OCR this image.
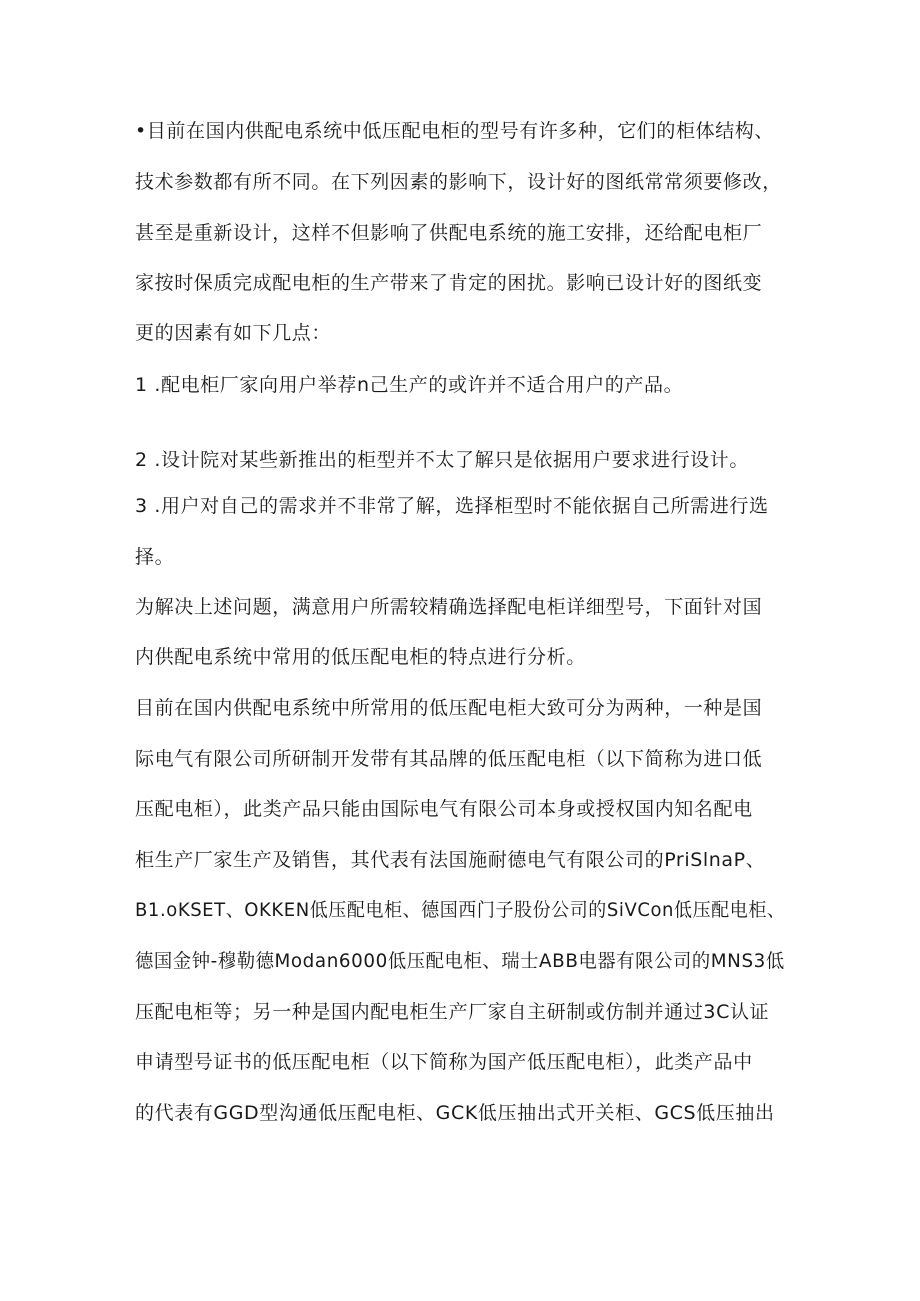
•目前在国内供配电系统中低压配电柜的型号有许多种，它们的柜体结构、
技术参数都有所不同。在下列因素的影响下，设计好的图纸常常须要修改，
甚至是重新设计，这样不但影响了供配电系统的施工安排，还给配电柜厂
家按时保质完成配电柜的生产带来了肯定的困扰。影响已设计好的图纸变
更的因素有如下几点：
1 .配电柜厂家向用户举荐n己生产的或许并不适合用户的产品。
2 .设计院对某些新推出的柜型并不太了解只是依据用户要求进行设计。
3 .用户对自己的需求并不非常了解，选择柜型时不能依据自己所需进行选
择。
为解决上述问题，满意用户所需较精确选择配电柜详细型号，下面针对国
内供配电系统中常用的低压配电柜的特点进行分析。
目前在国内供配电系统中所常用的低压配电柜大致可分为两种，一种是国
际电气有限公司所研制开发带有其品牌的低压配电柜（以下简称为进口低
压配电柜），此类产品只能由国际电气有限公司本身或授权国内知名配电
柜生产厂家生产及销售，其代表有法国施耐德电气有限公司的PriSlnaP、
B1.oKSET、OKKEN低压配电柜、德国西门子股份公司的SiVCon低压配电柜、
德国金钟-穆勒德Modan6000低压配电柜、瑞士ABB电器有限公司的MNS3低
压配电柜等；另一种是国内配电柜生产厂家自主研制或仿制并通过3C认证
申请型号证书的低压配电柜（以下简称为国产低压配电柜），此类产品中
的代表有GGD型沟通低压配电柜、GCK低压抽出式开关柜、GCS低压抽出
